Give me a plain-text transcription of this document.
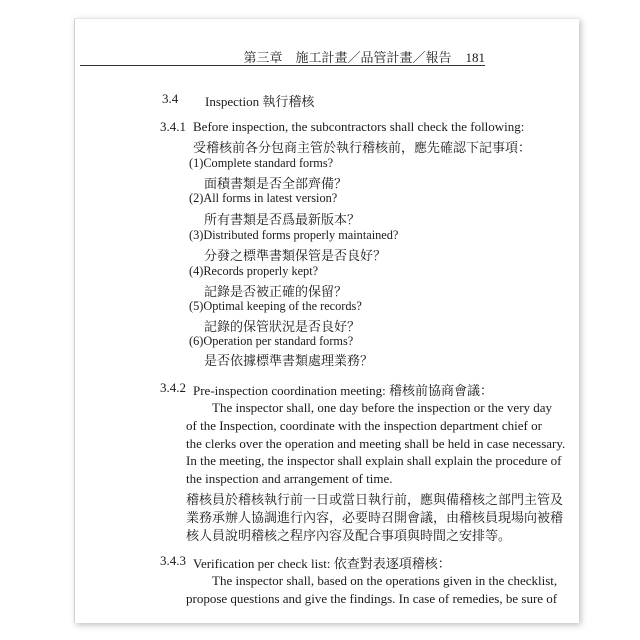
第三章　施工計畫／品管計畫／報告 181
3.4 Inspection 執行稽核
3.4.1 Before inspection, the subcontractors shall check the following:
受稽核前各分包商主管於執行稽核前，應先確認下記事項：
(1)Complete standard forms?
面積書類是否全部齊備？
(2)All forms in latest version?
所有書類是否爲最新版本？
(3)Distributed forms properly maintained?
分發之標準書類保管是否良好？
(4)Records properly kept?
記錄是否被正確的保留？
(5)Optimal keeping of the records?
記錄的保管狀況是否良好？
(6)Operation per standard forms?
是否依據標準書類處理業務？
3.4.2 Pre-inspection coordination meeting: 稽核前協商會議：
The inspector shall, one day before the inspection or the very day
of the Inspection, coordinate with the inspection department chief or
the clerks over the operation and meeting shall be held in case necessary.
In the meeting, the inspector shall explain shall explain the procedure of
the inspection and arrangement of time.
稽核員於稽核執行前一日或當日執行前，應與備稽核之部門主管及
業務承辦人協調進行內容，必要時召開會議，由稽核員現場向被稽
核人員說明稽核之程序內容及配合事項與時間之安排等。
3.4.3 Verification per check list: 依查對表逐項稽核：
The inspector shall, based on the operations given in the checklist,
propose questions and give the findings. In case of remedies, be sure of
